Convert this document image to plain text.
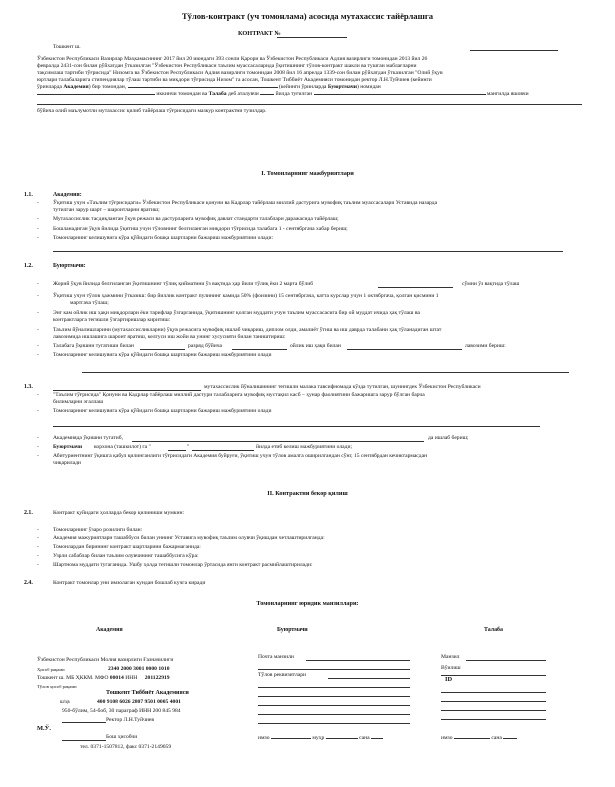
Тўлов-контракт (уч томонлама) асосида мутахассис тайёрлашга
КОНТРАКТ №
Тошкент ш.
Ўзбекистон Республикаси Вазирлар Маҳкамасининг 2017 йил 20 июндаги 393 сонли Қарори ва Ўзбекистон Республикаси Адлия вазирлиги томонидан 2013 йил 26
февралда 2431-сон билан рўйхатдан ўтказилган "Ўзбекистон Республикаси таълим муассасаларида ўқитишнинг тўлов-контракт шакли ва тушган маблағларни
тақсимлаш тартиби тўғрисида" Низомга ва Ўзбекистон Республикаси Адлия вазирлиги томонидан 2008 йил 16 апрелда 1339-сон билан рўйхатдан ўтказилган "Олий ўқув
юртлари талабаларига стипендиялар тўлаш тартиби ва миқдори тўғрисида Низом" га асосан, Тошкент Тиббиёт Академияси томонидан ректор Л.Н.Туйчиев (кейинги
ўринларда Академия) бир томондан,	(кейинги ўринларда Буюртмачи) номидан
иккинчи томондан ва Талаба деб аталувчи	йилда туғилган	мангилда яшовчи
бўйича олий маълумотли мутахассис қилиб тайёрлаш тўғрисидаги мазкур контрактни тузилдар.
I. Томонларнинг мажбуриятлари
1.1.	Академия:
-	Ўқитиш учун «Таълим тўғрисидаги» Ўзбекистон Республикаси қонуни ва Кадрлар тайёрлаш миллий дастурига мувофиқ таълим муассасалари Уставида назарда
тутилган зарур шарт – шароитларни яратиш;
-	Мутахассислик тасдиқланган ўқув режаси ва дастурларига мувофиқ давлат стандарти талаблари даражасида тайёрлаш;
-	Бошланадиган ўқув йилида ўқитиш учун тўловнинг белгиланган миқдори тўғрисида талабага 1 - сентябргача хабар бериш;
-	Томонларнинг келишувига кўра қўйидаги бошқа шартларни бажариш мажбуриятини олади:
1.2.	Буюртмачи:
-	Жорий ўқув йилида белгиланган ўқитишнинг тўлиқ қийматини ўз вақтида ҳар йили тўлиқ ёки 2 марта бўлиб	сўмни ўз вақтида тўлаш
-	Ўқитиш учун тўлов ҳажмини ўтказиш: бир йиллик контракт пулининг камида 50% (фоизини) 15 сентябргача, катта курслар учун 1 октябргача, қолган қисмини 1
мартгача тўлаш;
-	Энг кам ойлик иш ҳақи миқдорлари ёки тарифлар ўзгарганида, ўқитишнинг қолган муддати учун таълим муассасасига бир ой муддат ичида ҳақ тўлаш ва
контрактларга тегишли ўзгартиришлар киритиш:
-	Таълим йўналишларини (мутахассисликларни) ўқув режасига мувофиқ ишлаб чиқариш, диплом олди, амалиёт ўтиш ва иш даврда талабани ҳақ тўланадиган штат
лавозимида ишлашига шароит яратиш, келгуси иш жойи ва унинг хусусияти билан таништириш:
-	Талабага ўқишни тугатиши билан	разряд бўйича	ойлик иш ҳақи билан	лавозими бериш:
-	Томонларнинг келишувига кўра қўйидаги бошқа шартларни бажариш мажбуриятини олади
1.3.	мутахассислик йўналишининг тегишли малака тавсифномада кўзда тутилган, шунингдек Ўзбекистон Республикаси
-	"Таълим тўғрисида" Қонуни ва Кадрлар тайёрлаш миллий дастури талабларига мувофиқ мустақил касб – ҳунар фаолиятини бажаришга зарур бўлган барча
билимларни эгаллаш
-	Томонларнинг келишувига кўра қўйидаги бошқа шартларни бажариш мажбуриятини олади
-	Академияда ўқишни тугатиб,	да ишлаб бериш;
-	Буюртмачи корхона (ташкилот) га "	"	йилда етиб келиш мажбуриятини олади;
-	Абитуриентнинг ўқишга қабул қилинганлиги тўғрисидаги Академия буйруғи, ўқитиш учун тўлов амалга оширилгандан сўнг, 15 сентябрдан кечиктармасдан
чиқарилади
II. Контрактни бекор қилиш
2.1.	Контракт қуйидаги ҳолларда бекор қилиниши мумкин:
-	Томонларнинг ўзаро розилиги билан:
-	Академия мажуриятлари ташаббуси билан уннинг Уставига мувофиқ таълим олувчи ўқишдан четлаштирилганда:
-	Томонлардан бирининг контракт шартларини бажармаганида:
-	Узрли сабаблар билан таълим олувчининг ташаббусига кўра:
-	Шартнома муддати тугаганида. Ушбу ҳолда тегишли томонлар ўртасида янги контракт расмийлаштирилади:
2.4.	Контракт томонлар уни имзолаган кундан бошлаб кучга киради
Томонларнинг юридик манзиллари:
Академия	Буюртмачи	Талаба
Ўзбекистон Республикаси Молия вазирлиги Ғазначилиги
Ҳисоб рақами	2340 2000 3001 0000 1010
Тошкент ш. МБ ҲККМ. МФО 00014 ИНН 201122919
Тўлов ҳисоб рақами
Тошкент Тиббиёт Академияси
ш/ҳв	400 9108 6026 2807 9501 0005 4001
950-бўлим, 54-боб, 30 параграф ИНН 200 845 984
Ректор Л.Н.Туйчиев
М.Ў.
Бош ҳисобчи
тел. 0371-1507812, факс 0371-2149059
Почта манзили
Тўлов реквизитлари
имзо	муҳр	сана
Манзил
Вўилиш
ID
имзо	сана
